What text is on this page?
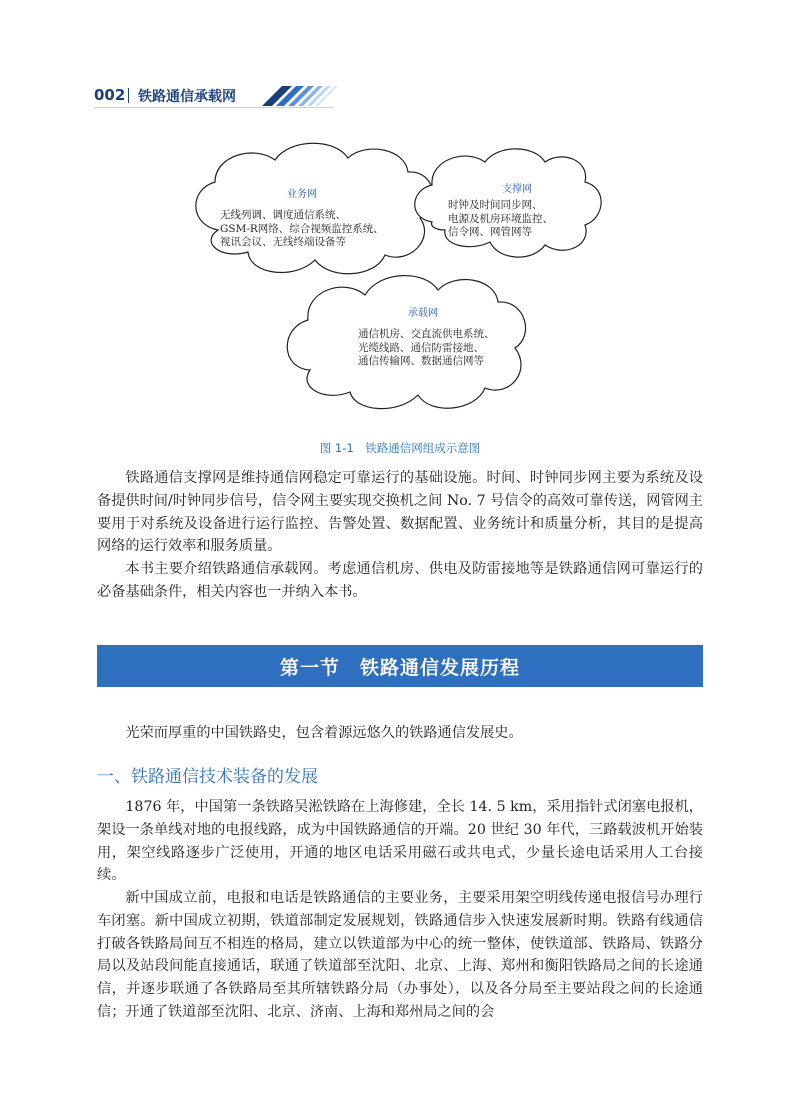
002 铁路通信承载网
业务网
无线列调、调度通信系统、
GSM-R网络、综合视频监控系统、
视讯会议、无线终端设备等
支撑网
时钟及时间同步网、
电源及机房环境监控、
信令网、网管网等
承载网
通信机房、交直流供电系统、
光缆线路、通信防雷接地、
通信传输网、数据通信网等
图 1-1　铁路通信网组成示意图

铁路通信支撑网是维持通信网稳定可靠运行的基础设施。时间、时钟同步网主要为系统及设备提供时间/时钟同步信号，信令网主要实现交换机之间 No. 7 号信令的高效可靠传送，网管网主要用于对系统及设备进行运行监控、告警处置、数据配置、业务统计和质量分析，其目的是提高网络的运行效率和服务质量。

本书主要介绍铁路通信承载网。考虑通信机房、供电及防雷接地等是铁路通信网可靠运行的必备基础条件，相关内容也一并纳入本书。

第一节　铁路通信发展历程

光荣而厚重的中国铁路史，包含着源远悠久的铁路通信发展史。

一、铁路通信技术装备的发展

1876 年，中国第一条铁路吴淞铁路在上海修建，全长 14. 5 km，采用指针式闭塞电报机，架设一条单线对地的电报线路，成为中国铁路通信的开端。20 世纪 30 年代，三路载波机开始装用，架空线路逐步广泛使用，开通的地区电话采用磁石或共电式，少量长途电话采用人工台接续。

新中国成立前，电报和电话是铁路通信的主要业务，主要采用架空明线传递电报信号办理行车闭塞。新中国成立初期，铁道部制定发展规划，铁路通信步入快速发展新时期。铁路有线通信打破各铁路局间互不相连的格局，建立以铁道部为中心的统一整体，使铁道部、铁路局、铁路分局以及站段间能直接通话，联通了铁道部至沈阳、北京、上海、郑州和衡阳铁路局之间的长途通信，并逐步联通了各铁路局至其所辖铁路分局（办事处），以及各分局至主要站段之间的长途通信；开通了铁道部至沈阳、北京、济南、上海和郑州局之间的会
